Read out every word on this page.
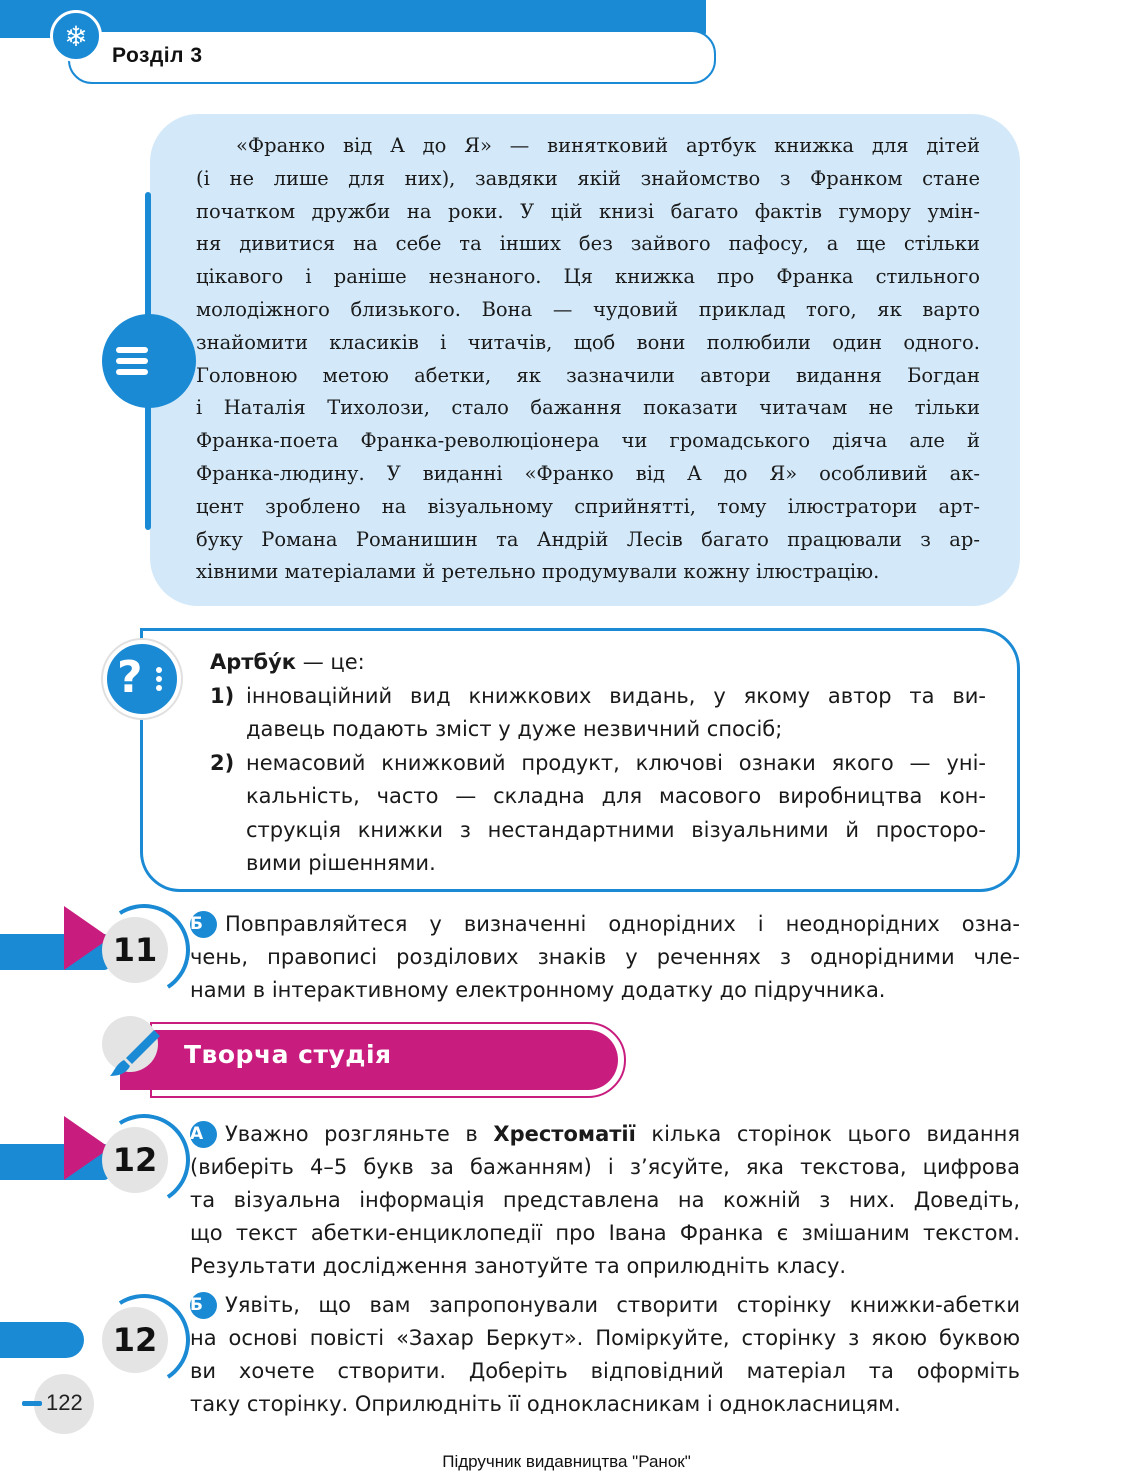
❄
Розділ 3
«Франко від А до Я» — винятковий артбук книжка для дітей
(і не лише для них), завдяки якій знайомство з Франком стане
початком дружби на роки. У цій книзі багато фактів гумору умін-
ня дивитися на себе та інших без зайвого пафосу, а ще стільки
цікавого і раніше незнаного. Ця книжка про Франка стильного
молодіжного близького. Вона — чудовий приклад того, як варто
знайомити класиків і читачів, щоб вони полюбили один одного.
Головною метою абетки, як зазначили автори видання Богдан
і Наталія Тихолози, стало бажання показати читачам не тільки
Франка-поета Франка-революціонера чи громадського діяча але й
Франка-людину. У виданні «Франко від А до Я» особливий ак-
цент зроблено на візуальному сприйнятті, тому ілюстратори арт-
буку Романа Романишин та Андрій Лесів багато працювали з ар-
хівними матеріалами й ретельно продумували кожну ілюстрацію.
?	Артбу́к — це:
1) інноваційний вид книжкових видань, у якому автор та ви-
давець подають зміст у дуже незвичний спосіб;
2) немасовий книжковий продукт, ключові ознаки якого — уні-
кальність, часто — складна для масового виробництва кон-
струкція книжки з нестандартними візуальними й просторо-
вими рішеннями.
11
Б Повправляйтеся у визначенні однорідних і неоднорідних озна-
чень, правописі розділових знаків у реченнях з однорідними чле-
нами в інтерактивному електронному додатку до підручника.
Творча студія
12
А Уважно розгляньте в Хрестоматії кілька сторінок цього видання
(виберіть 4–5 букв за бажанням) і з’ясуйте, яка текстова, цифрова
та візуальна інформація представлена на кожній з них. Доведіть,
що текст абетки-енциклопедії про Івана Франка є змішаним текстом.
Результати дослідження занотуйте та оприлюдніть класу.
12
Б Уявіть, що вам запропонували створити сторінку книжки-абетки
на основі повісті «Захар Беркут». Поміркуйте, сторінку з якою буквою
ви хочете створити. Доберіть відповідний матеріал та оформіть
таку сторінку. Оприлюдніть її однокласникам і однокласницям.
122
Підручник видавництва "Ранок"
